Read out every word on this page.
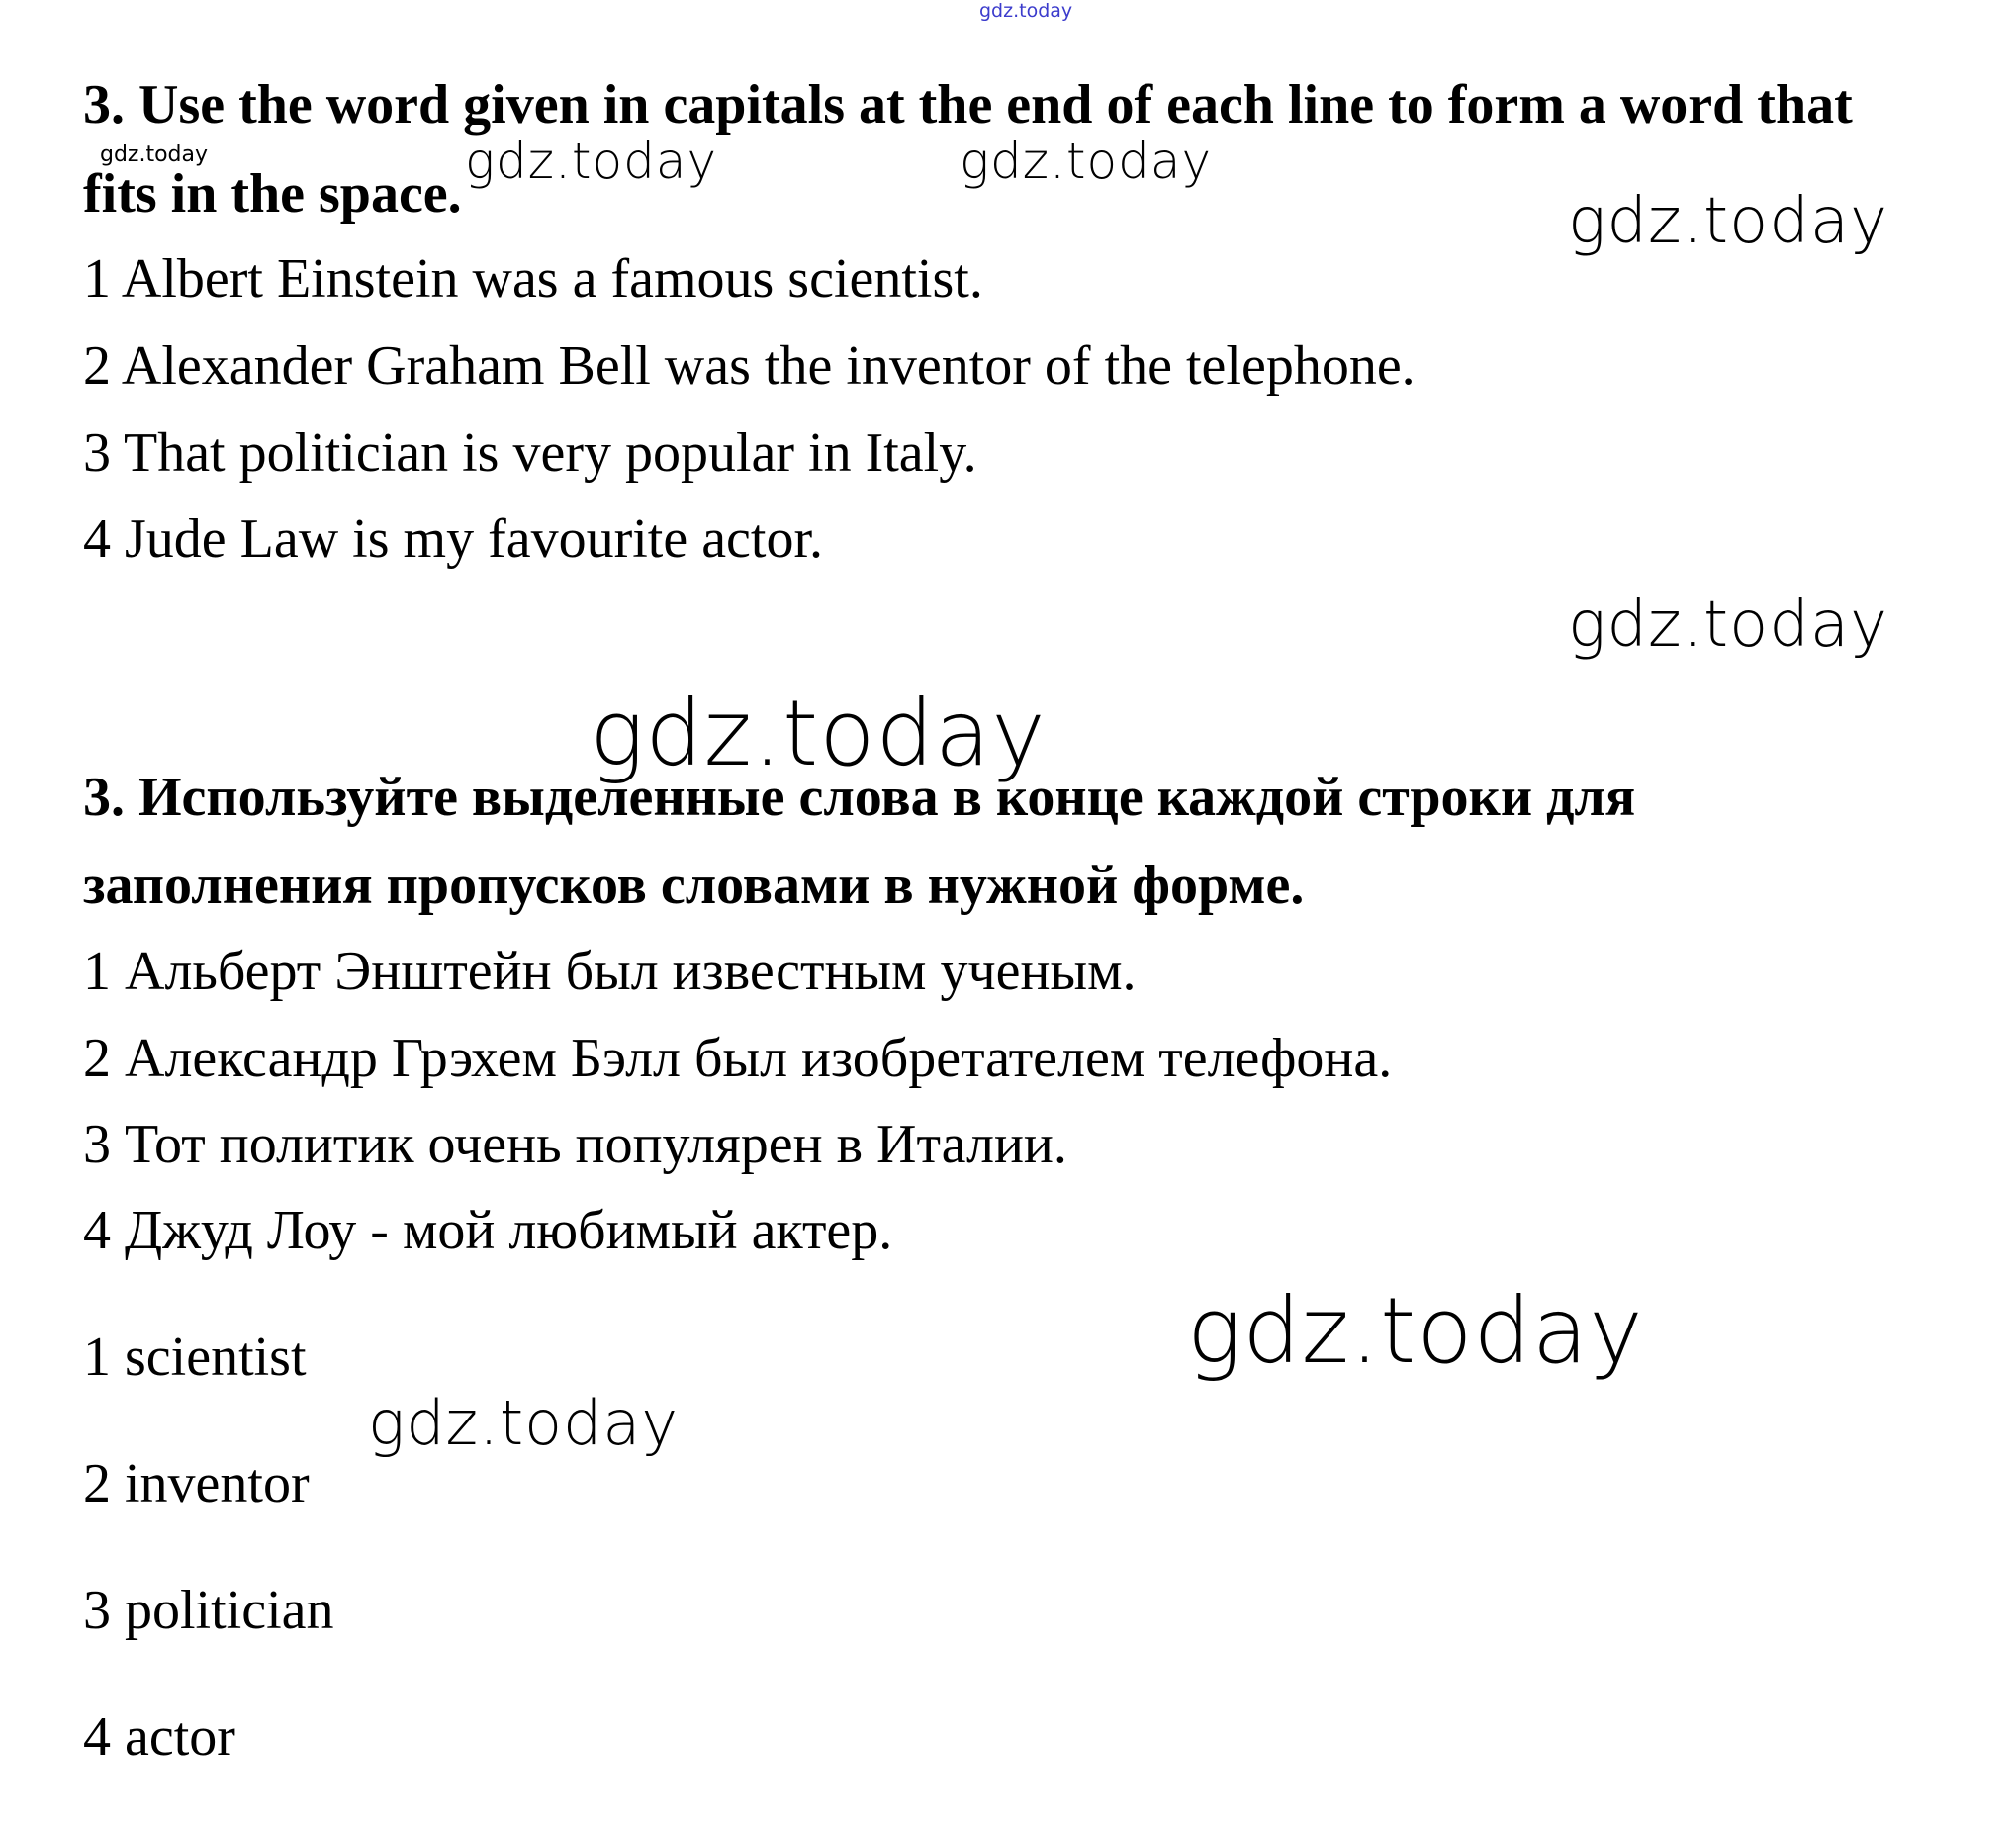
gdz.today
gdz.today	gdz.today	gdz.today
gdz.today
gdz.today
gdz.today
gdz.today
gdz.today
3. Use the word given in capitals at the end of each line to form a word that
fits in the space.
1 Albert Einstein was a famous scientist.
2 Alexander Graham Bell was the inventor of the telephone.
3 That politician is very popular in Italy.
4 Jude Law is my favourite actor.
3. Используйте выделенные слова в конце каждой строки для
заполнения пропусков словами в нужной форме.
1 Альберт Энштейн был известным ученым.
2 Александр Грэхем Бэлл был изобретателем телефона.
3 Тот политик очень популярен в Италии.
4 Джуд Лоу - мой любимый актер.
1 scientist
2 inventor
3 politician
4 actor
